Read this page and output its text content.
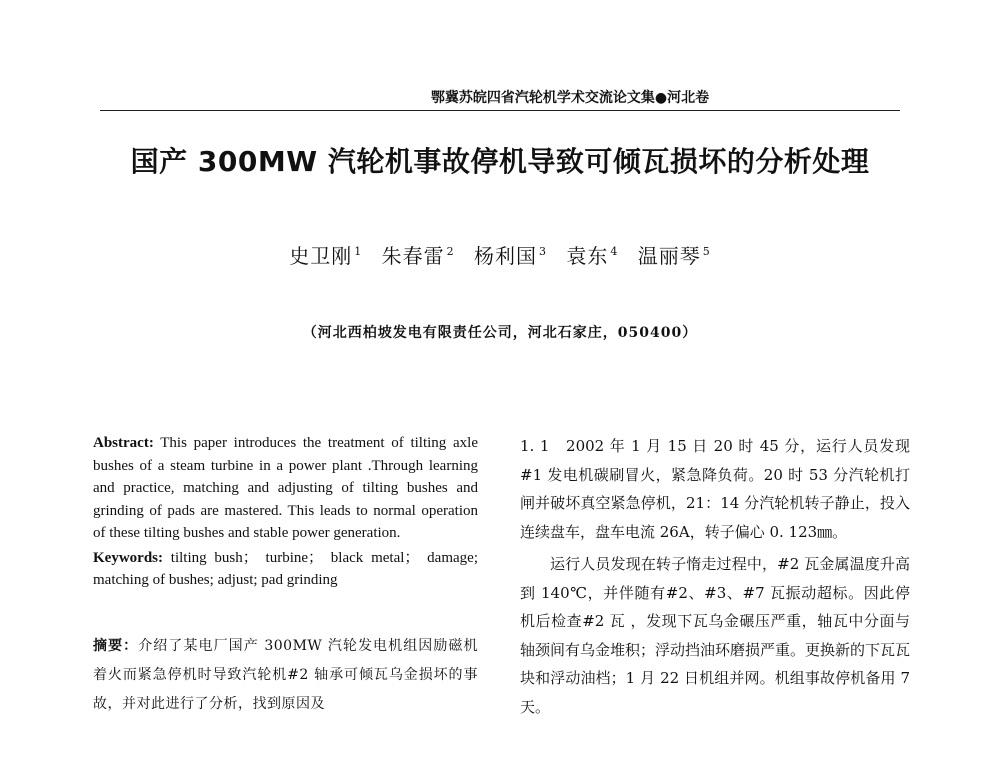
鄂冀苏皖四省汽轮机学术交流论文集●河北卷
国产 300MW 汽轮机事故停机导致可倾瓦损坏的分析处理
史卫刚 $^1$ 朱春雷 $^2$ 杨利国 $^3$ 袁东 $^4$ 温丽琴 $^5$
（河北西柏坡发电有限责任公司，河北石家庄，050400）

Abstract: This paper introduces the treatment of tilting axle bushes of a steam turbine in a power plant .Through learning and practice, matching and adjusting of tilting bushes and grinding of pads are mastered. This leads to normal operation of these tilting bushes and stable power generation.

Keywords: tilting bush； turbine； black metal； damage; matching of bushes; adjust; pad grinding

摘要：介绍了某电厂国产 300MW 汽轮发电机组因励磁机着火而紧急停机时导致汽轮机#2 轴承可倾瓦乌金损坏的事故，并对此进行了分析，找到原因及

1. 1　2002 年 1 月 15 日 20 时 45 分，运行人员发现#1 发电机碳刷冒火，紧急降负荷。20 时 53 分汽轮机打闸并破坏真空紧急停机，21：14 分汽轮机转子静止，投入连续盘车，盘车电流 26A，转子偏心 0. 123㎜。

运行人员发现在转子惰走过程中，#2 瓦金属温度升高到 140℃，并伴随有#2、#3、#7 瓦振动超标。因此停机后检查#2 瓦 ，发现下瓦乌金碾压严重，轴瓦中分面与轴颈间有乌金堆积；浮动挡油环磨损严重。更换新的下瓦瓦块和浮动油档；1 月 22 日机组并网。机组事故停机备用 7 天。
